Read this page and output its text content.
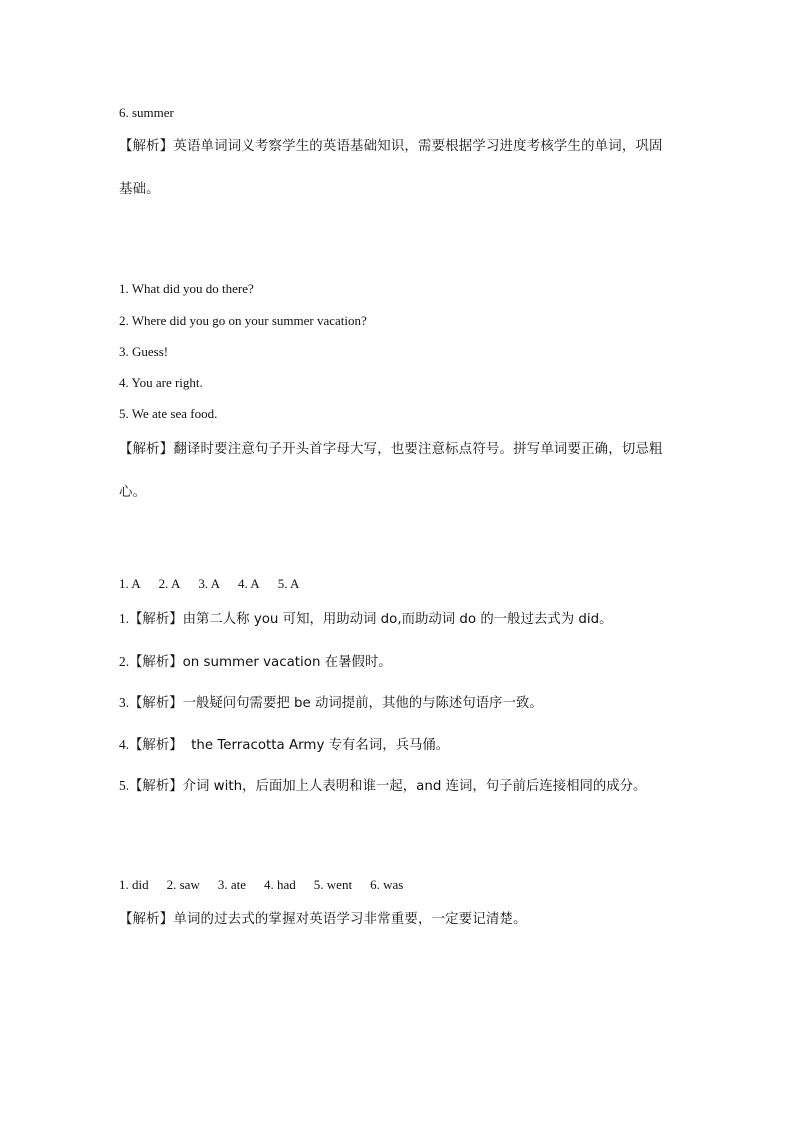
6. summer
【解析】英语单词词义考察学生的英语基础知识，需要根据学习进度考核学生的单词，巩固
基础。
1. What did you do there?
2. Where did you go on your summer vacation?
3. Guess!
4. You are right.
5. We ate sea food.
【解析】翻译时要注意句子开头首字母大写，也要注意标点符号。拼写单词要正确，切忌粗
心。
1. A 2. A 3. A 4. A 5. A
1.【解析】由第二人称 you 可知，用助动词 do,而助动词 do 的一般过去式为 did。
2.【解析】on summer vacation 在暑假时。
3.【解析】一般疑问句需要把 be 动词提前，其他的与陈述句语序一致。
4.【解析】  the Terracotta Army 专有名词，兵马俑。
5.【解析】介词 with，后面加上人表明和谁一起，and 连词，句子前后连接相同的成分。
1. did 2. saw 3. ate 4. had 5. went 6. was
【解析】单词的过去式的掌握对英语学习非常重要，一定要记清楚。
